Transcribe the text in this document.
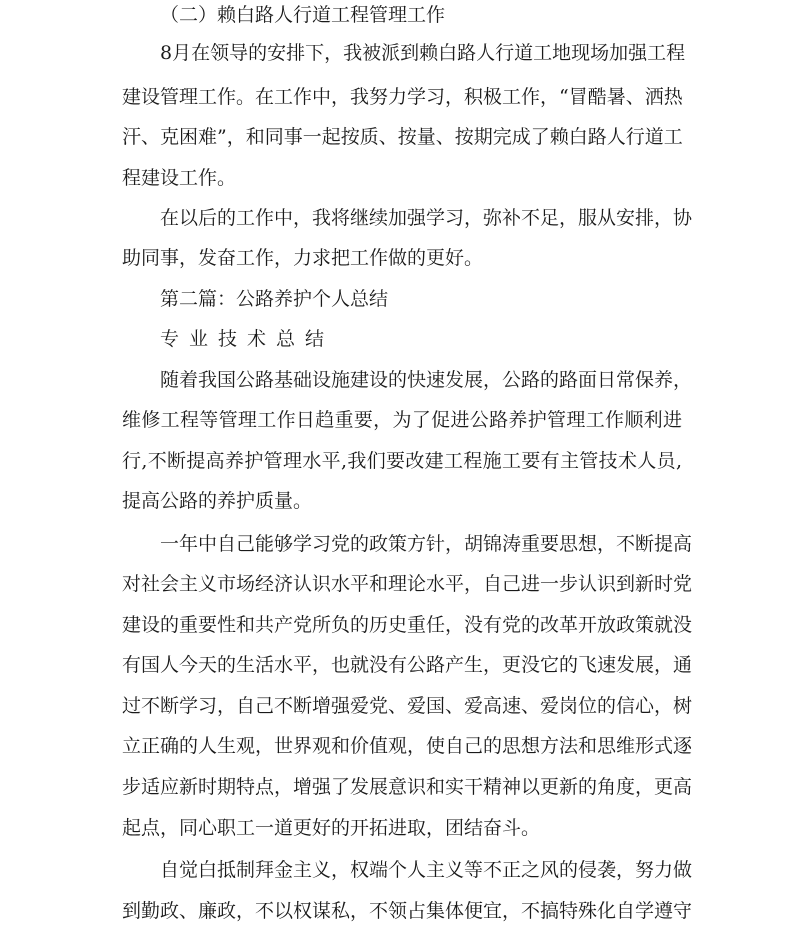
（二）赖白路人行道工程管理工作
8月在领导的安排下，我被派到赖白路人行道工地现场加强工程
建设管理工作。在工作中，我努力学习，积极工作，“冒酷暑、洒热
汗、克困难”，和同事一起按质、按量、按期完成了赖白路人行道工
程建设工作。
在以后的工作中，我将继续加强学习，弥补不足，服从安排，协
助同事，发奋工作，力求把工作做的更好。
第二篇：公路养护个人总结
专业技术总结
随着我国公路基础设施建设的快速发展，公路的路面日常保养，
维修工程等管理工作日趋重要，为了促进公路养护管理工作顺利进
行,不断提高养护管理水平,我们要改建工程施工要有主管技术人员,
提高公路的养护质量。
一年中自己能够学习党的政策方针，胡锦涛重要思想，不断提高
对社会主义市场经济认识水平和理论水平，自己进一步认识到新时党
建设的重要性和共产党所负的历史重任，没有党的改革开放政策就没
有国人今天的生活水平，也就没有公路产生，更没它的飞速发展，通
过不断学习，自己不断增强爱党、爱国、爱高速、爱岗位的信心，树
立正确的人生观，世界观和价值观，使自己的思想方法和思维形式逐
步适应新时期特点，增强了发展意识和实干精神以更新的角度，更高
起点，同心职工一道更好的开拓进取，团结奋斗。
自觉白抵制拜金主义，权端个人主义等不正之风的侵袭，努力做
到勤政、廉政，不以权谋私，不领占集体便宜，不搞特殊化自学遵守
